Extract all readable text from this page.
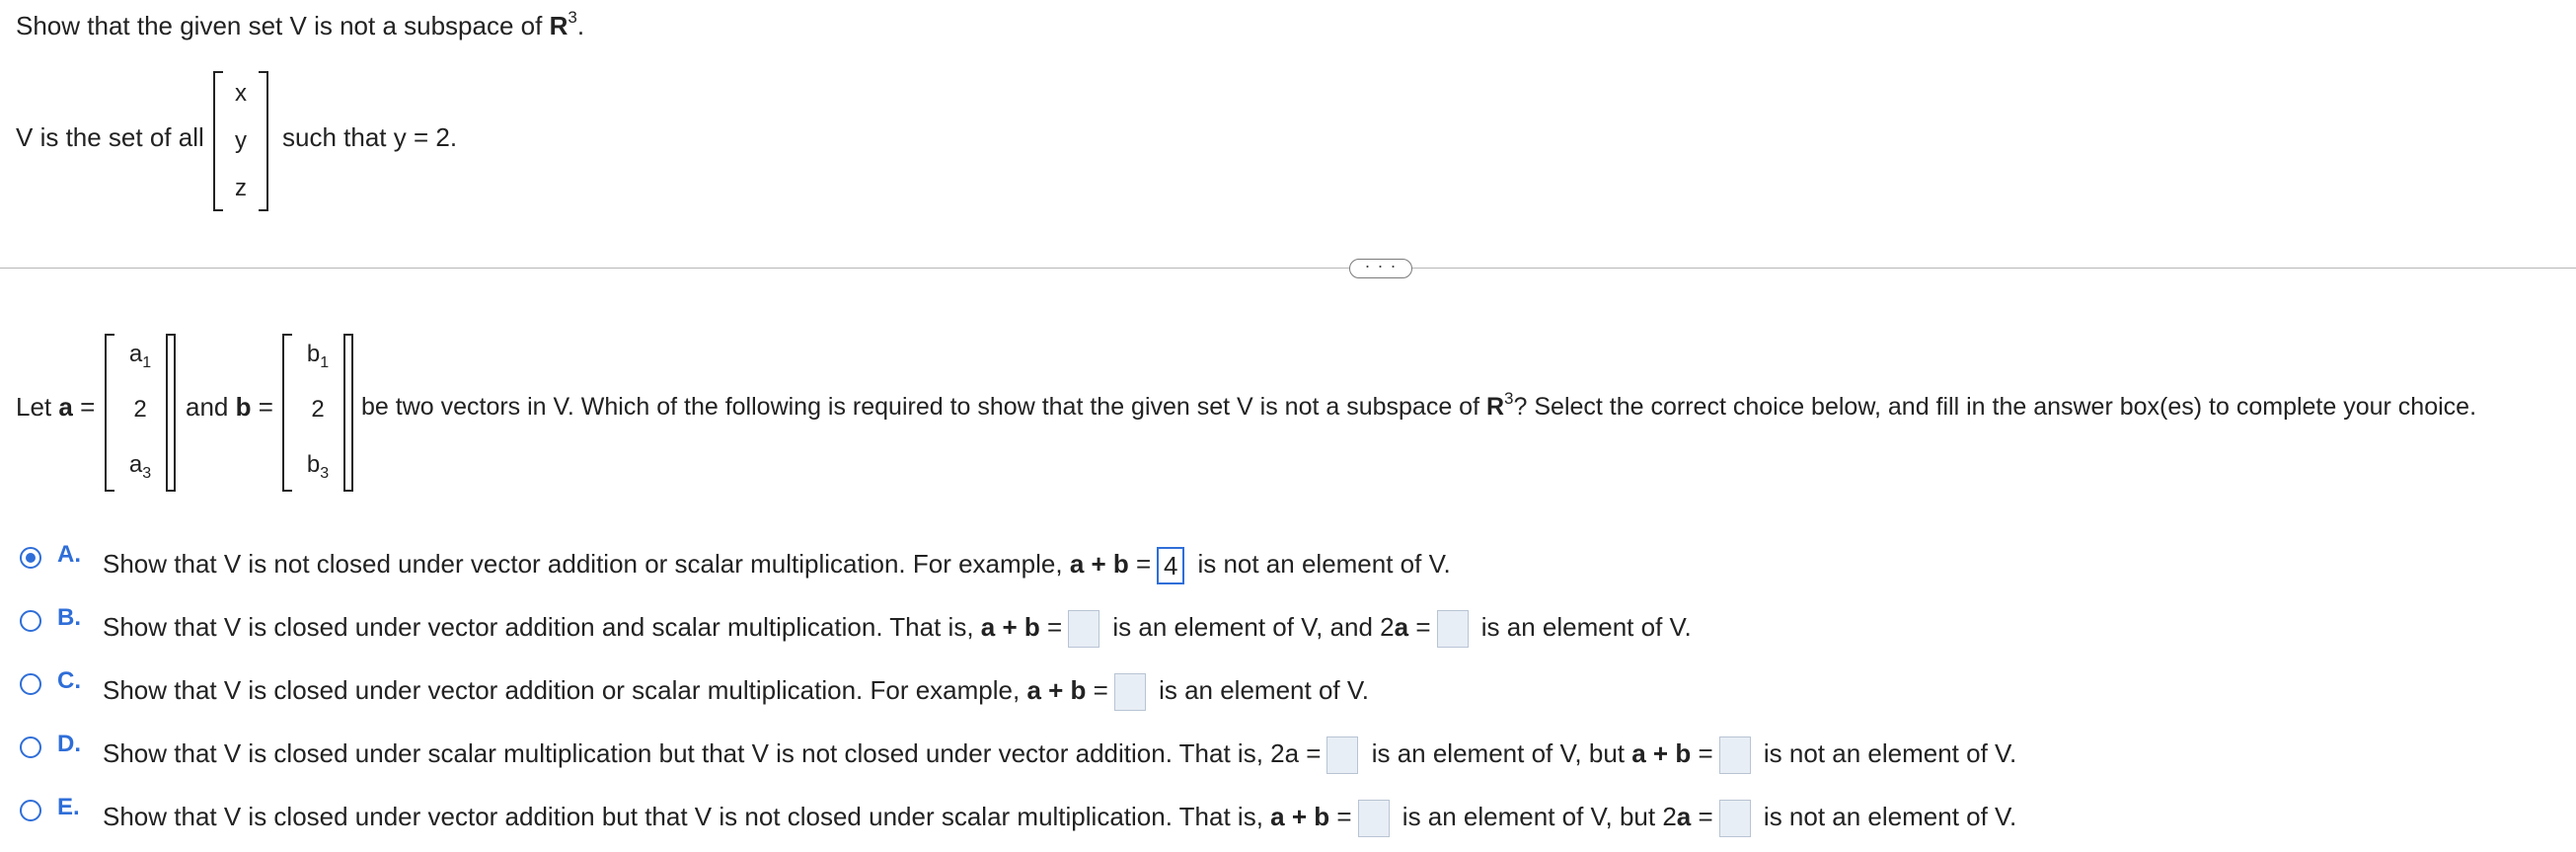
Show that the given set V is not a subspace of $R^3$.
V is the set of all
x
y
z
such that y = 2.
· · ·
Let a =
$a_1$
2
$a_3$
and b =
$b_1$
2
$b_3$
be two vectors in V. Which of the following is required to show that the given set V is not a subspace of $R^3$? Select the correct choice below, and fill in the answer box(es) to complete your choice.
A. Show that V is not closed under vector addition or scalar multiplication. For example, a + b = 4 is not an element of V.
B. Show that V is closed under vector addition and scalar multiplication. That is, a + b = is an element of V, and 2a = is an element of V.
C. Show that V is closed under vector addition or scalar multiplication. For example, a + b = is an element of V.
D. Show that V is closed under scalar multiplication but that V is not closed under vector addition. That is, 2a = is an element of V, but a + b = is not an element of V.
E. Show that V is closed under vector addition but that V is not closed under scalar multiplication. That is, a + b = is an element of V, but 2a = is not an element of V.
